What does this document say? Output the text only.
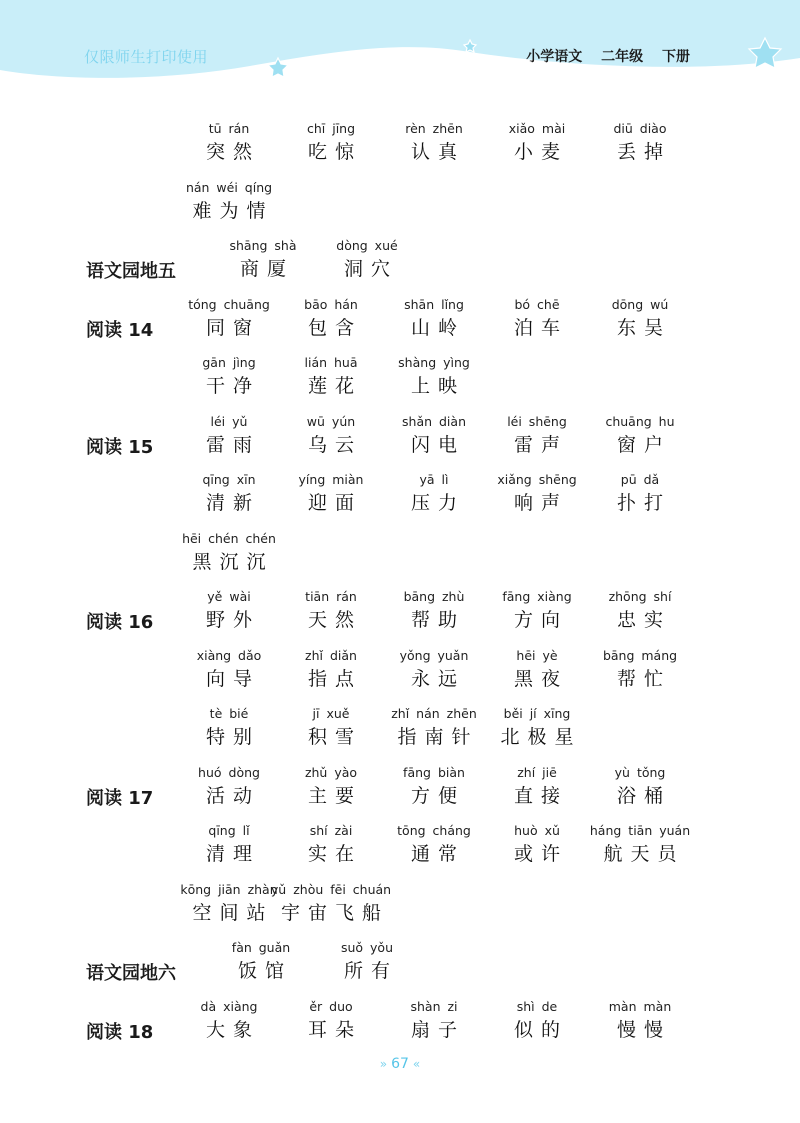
仅限师生打印使用	小学语文 二年级 下册
tū rán
突然
chī jīng
吃惊
rèn zhēn
认真
xiǎo mài
小麦
diū diào
丢掉
nán wéi qíng
难为情
语文园地五
shāng shà
商厦
dòng xué
洞穴
阅读 14
tóng chuāng
同窗
bāo hán
包含
shān lǐng
山岭
bó chē
泊车
dōng wú
东吴
gān jìng
干净
lián huā
莲花
shàng yìng
上映
阅读 15
léi yǔ
雷雨
wū yún
乌云
shǎn diàn
闪电
léi shēng
雷声
chuāng hu
窗户
qīng xīn
清新
yíng miàn
迎面
yā lì
压力
xiǎng shēng
响声
pū dǎ
扑打
hēi chén chén
黑沉沉
阅读 16
yě wài
野外
tiān rán
天然
bāng zhù
帮助
fāng xiàng
方向
zhōng shí
忠实
xiàng dǎo
向导
zhǐ diǎn
指点
yǒng yuǎn
永远
hēi yè
黑夜
bāng máng
帮忙
tè bié
特别
jī xuě
积雪
zhǐ nán zhēn
指南针
běi jí xīng
北极星
阅读 17
huó dòng
活动
zhǔ yào
主要
fāng biàn
方便
zhí jiē
直接
yù tǒng
浴桶
qīng lǐ
清理
shí zài
实在
tōng cháng
通常
huò xǔ
或许
háng tiān yuán
航天员
kōng jiān zhàn
空间站
yǔ zhòu fēi chuán
宇宙飞船
语文园地六
fàn guǎn
饭馆
suǒ yǒu
所有
阅读 18
dà xiàng
大象
ěr duo
耳朵
shàn zi
扇子
shì de
似的
màn màn
慢慢
» 67 «
